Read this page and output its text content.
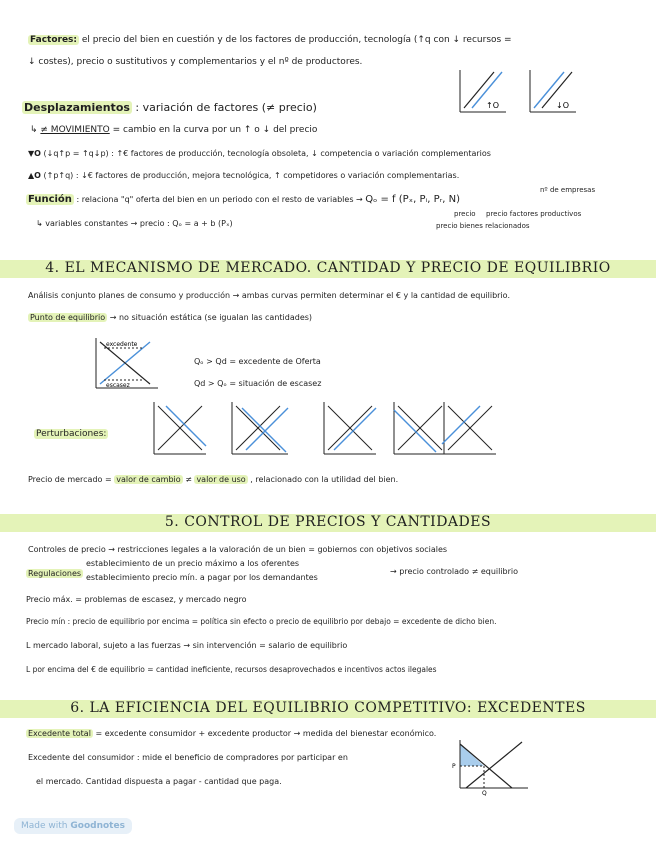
Factores: el precio del bien en cuestión y de los factores de producción, tecnología (↑q con ↓ recursos =
↓ costes), precio o sustitutivos y complementarios y el nº de productores.
↑O	↓O
Desplazamientos : variación de factores (≠ precio)
↳ ≠ MOVIMIENTO = cambio en la curva por un ↑ o ↓ del precio
▼O (↓q↑p = ↑q↓p) : ↑€ factores de producción, tecnología obsoleta, ↓ competencia o variación complementarios
▲O (↑p↑q) : ↓€ factores de producción, mejora tecnológica, ↑ competidores o variación complementarias.
Función : relaciona "q" oferta del bien en un periodo con el resto de variables → Qₒ = f (Pₓ, Pᵢ, Pᵣ, N)
nº de empresas
precio precio factores productivos
precio bienes relacionados
↳ variables constantes → precio : Qₒ = a + b (Pₓ)
4. EL MECANISMO DE MERCADO. CANTIDAD Y PRECIO DE EQUILIBRIO
Análisis conjunto planes de consumo y producción → ambas curvas permiten determinar el € y la cantidad de equilibrio.
Punto de equilibrio → no situación estática (se igualan las cantidades)
excedente
escasez
Qₒ > Qd = excedente de Oferta
Qd > Qₒ = situación de escasez
Perturbaciones:
Precio de mercado = valor de cambio ≠ valor de uso , relacionado con la utilidad del bien.
5. CONTROL DE PRECIOS Y CANTIDADES
Controles de precio → restricciones legales a la valoración de un bien = gobiernos con objetivos sociales
Regulaciones
establecimiento de un precio máximo a los oferentes
establecimiento precio mín. a pagar por los demandantes
→ precio controlado ≠ equilibrio
Precio máx. = problemas de escasez, y mercado negro
Precio mín : precio de equilibrio por encima = política sin efecto o precio de equilibrio por debajo = excedente de dicho bien.
L mercado laboral, sujeto a las fuerzas → sin intervención = salario de equilibrio
L por encima del € de equilibrio = cantidad ineficiente, recursos desaprovechados e incentivos actos ilegales
6. LA EFICIENCIA DEL EQUILIBRIO COMPETITIVO: EXCEDENTES
Excedente total = excedente consumidor + excedente productor → medida del bienestar económico.
Excedente del consumidor : mide el beneficio de compradores por participar en
el mercado. Cantidad dispuesta a pagar - cantidad que paga.
P
Q
Made with Goodnotes
